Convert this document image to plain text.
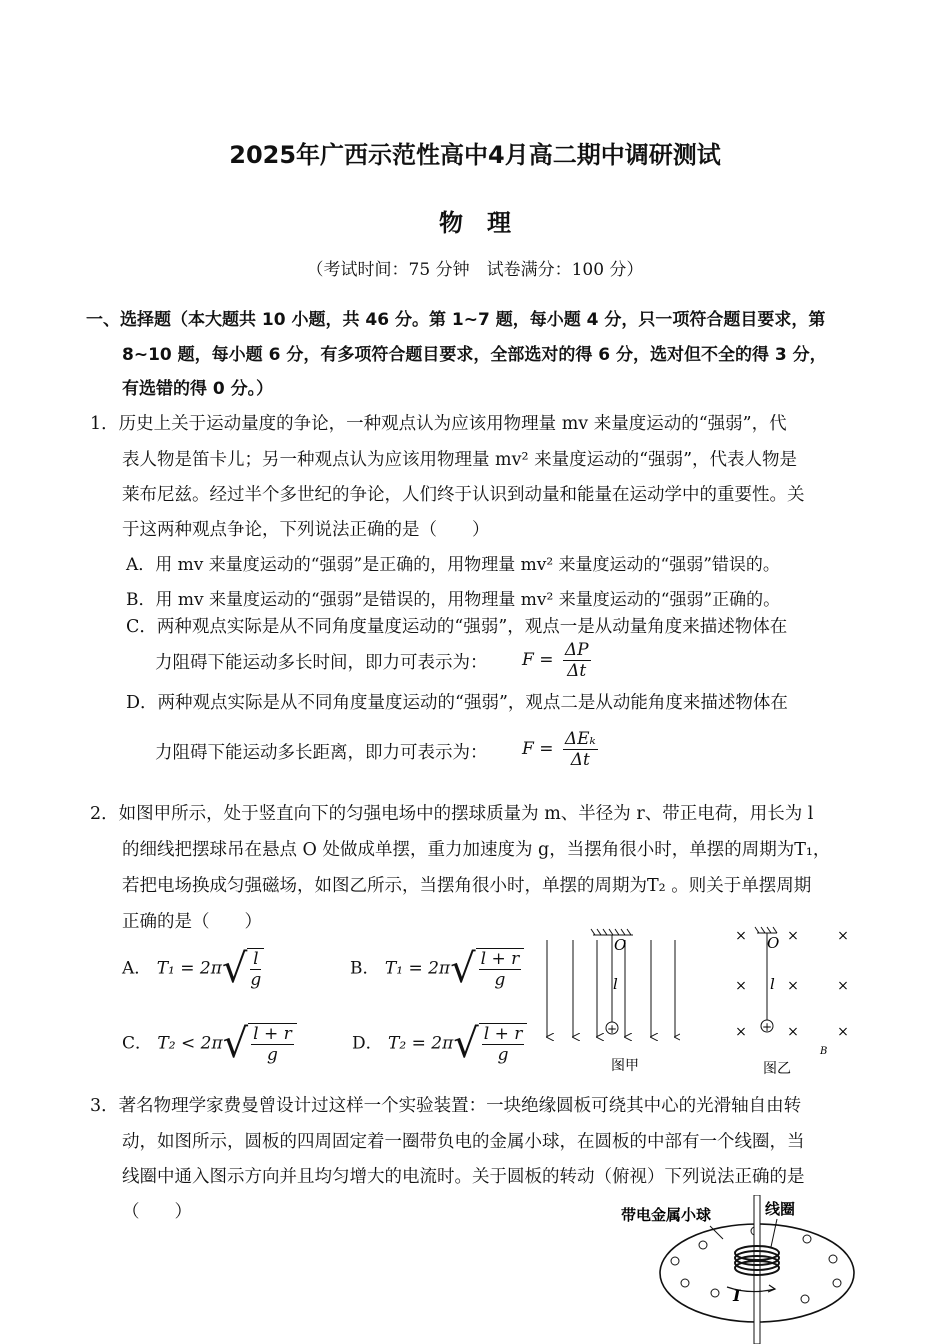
2025年广西示范性高中4月高二期中调研测试
物　理
（考试时间：75 分钟　试卷满分：100 分）
一、选择题（本大题共 10 小题，共 46 分。第 1~7 题，每小题 4 分，只一项符合题目要求，第
8~10 题，每小题 6 分，有多项符合题目要求，全部选对的得 6 分，选对但不全的得 3 分，
有选错的得 0 分。）
1．历史上关于运动量度的争论，一种观点认为应该用物理量 mv 来量度运动的“强弱”，代
表人物是笛卡儿；另一种观点认为应该用物理量 mv² 来量度运动的“强弱”，代表人物是
莱布尼兹。经过半个多世纪的争论，人们终于认识到动量和能量在运动学中的重要性。关
于这两种观点争论，下列说法正确的是（　　）
A．用 mv 来量度运动的“强弱”是正确的，用物理量 mv² 来量度运动的“强弱”错误的。
B．用 mv 来量度运动的“强弱”是错误的，用物理量 mv² 来量度运动的“强弱”正确的。
C．两种观点实际是从不同角度量度运动的“强弱”，观点一是从动量角度来描述物体在
力阻碍下能运动多长时间，即力可表示为： $F = \frac{\Delta P}{\Delta t}$
D．两种观点实际是从不同角度量度运动的“强弱”，观点二是从动能角度来描述物体在
力阻碍下能运动多长距离，即力可表示为： $F = \frac{\text{ΔEₖ}}{\Delta t}$
2．如图甲所示，处于竖直向下的匀强电场中的摆球质量为 m、半径为 r、带正电荷，用长为 l
的细线把摆球吊在悬点 O 处做成单摆，重力加速度为 g，当摆角很小时，单摆的周期为T₁，
若把电场换成匀强磁场，如图乙所示，当摆角很小时，单摆的周期为T₂ 。则关于单摆周期
正确的是（　　）
A． $T_1 = 2\pi√ \frac{l}{g}$	B． $T_1 = 2\pi√ \frac{l + r}{g}$
C． $T_2 < 2\pi√ \frac{l + r}{g}$	D． $T_2 = 2\pi√ \frac{l + r}{g}$	+
O
l
图甲
×	×	×
×	×	×
×	×	×
+
O
l
B
图乙
3．著名物理学家费曼曾设计过这样一个实验装置：一块绝缘圆板可绕其中心的光滑轴自由转
动，如图所示，圆板的四周固定着一圈带负电的金属小球，在圆板的中部有一个线圈，当
线圈中通入图示方向并且均匀增大的电流时。关于圆板的转动（俯视）下列说法正确的是
（　　）	带电金属小球	线圈
I
